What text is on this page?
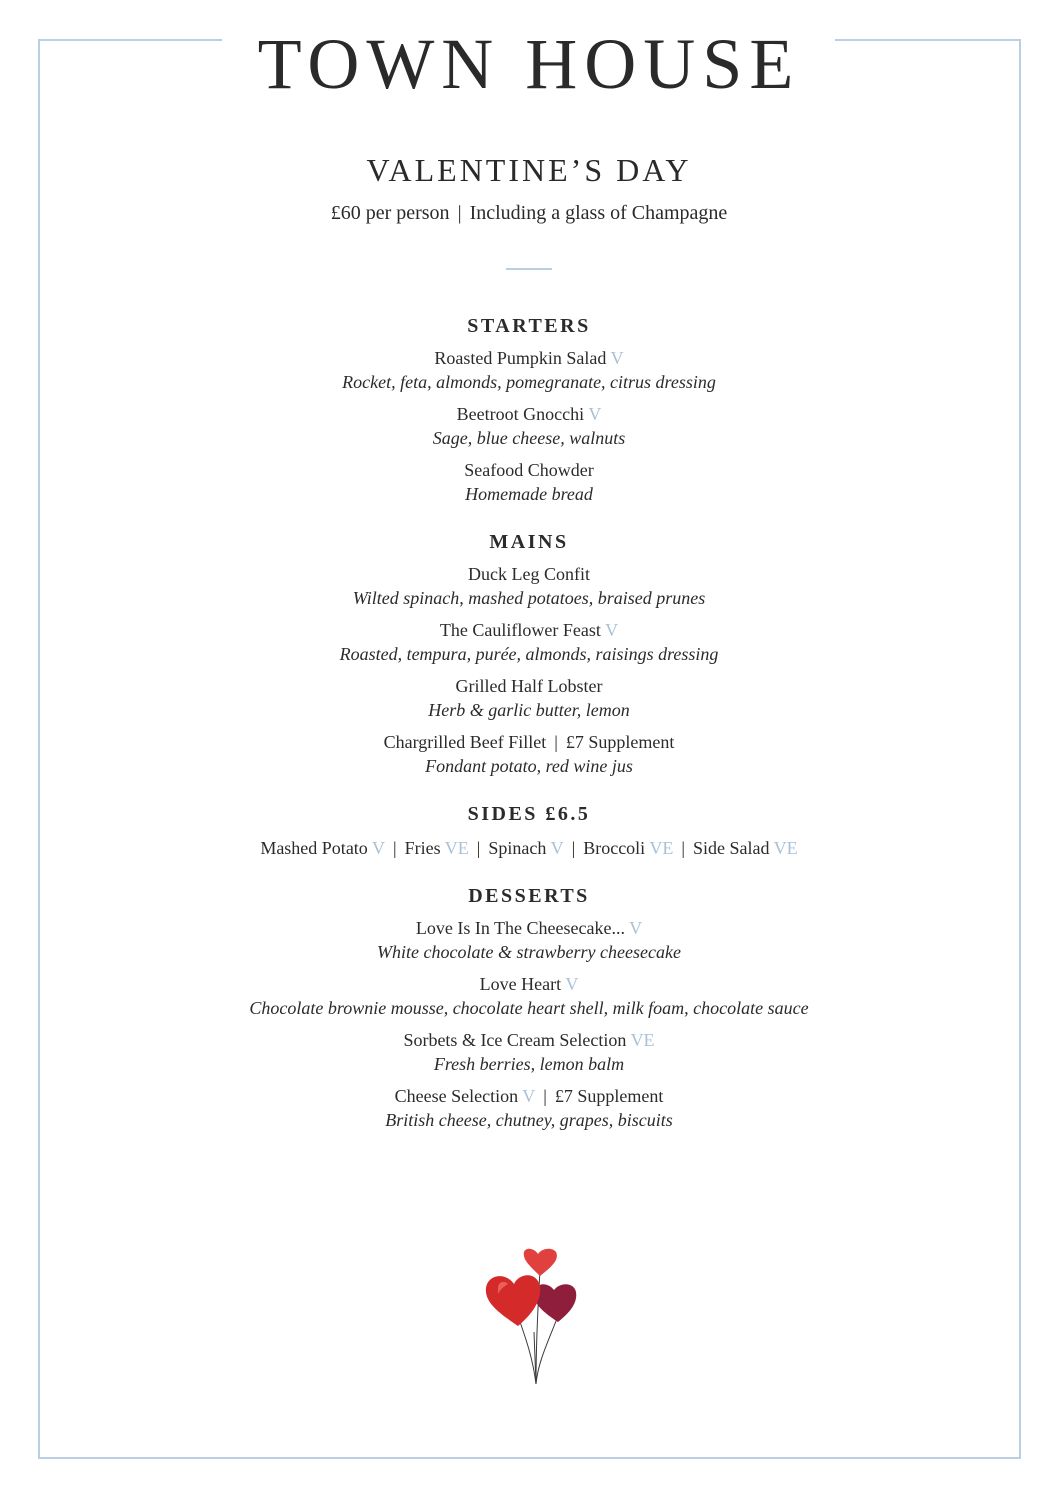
TOWN HOUSE
VALENTINE’S DAY
£60 per person | Including a glass of Champagne
STARTERS
Roasted Pumpkin Salad V
Rocket, feta, almonds, pomegranate, citrus dressing
Beetroot Gnocchi V
Sage, blue cheese, walnuts
Seafood Chowder
Homemade bread
MAINS
Duck Leg Confit
Wilted spinach, mashed potatoes, braised prunes
The Cauliflower Feast V
Roasted, tempura, purée, almonds, raisings dressing
Grilled Half Lobster
Herb & garlic butter, lemon
Chargrilled Beef Fillet | £7 Supplement
Fondant potato, red wine jus
SIDES £6.5
Mashed Potato V | Fries VE | Spinach V | Broccoli VE | Side Salad VE
DESSERTS
Love Is In The Cheesecake... V
White chocolate & strawberry cheesecake
Love Heart V
Chocolate brownie mousse, chocolate heart shell, milk foam, chocolate sauce
Sorbets & Ice Cream Selection VE
Fresh berries, lemon balm
Cheese Selection V | £7 Supplement
British cheese, chutney, grapes, biscuits
